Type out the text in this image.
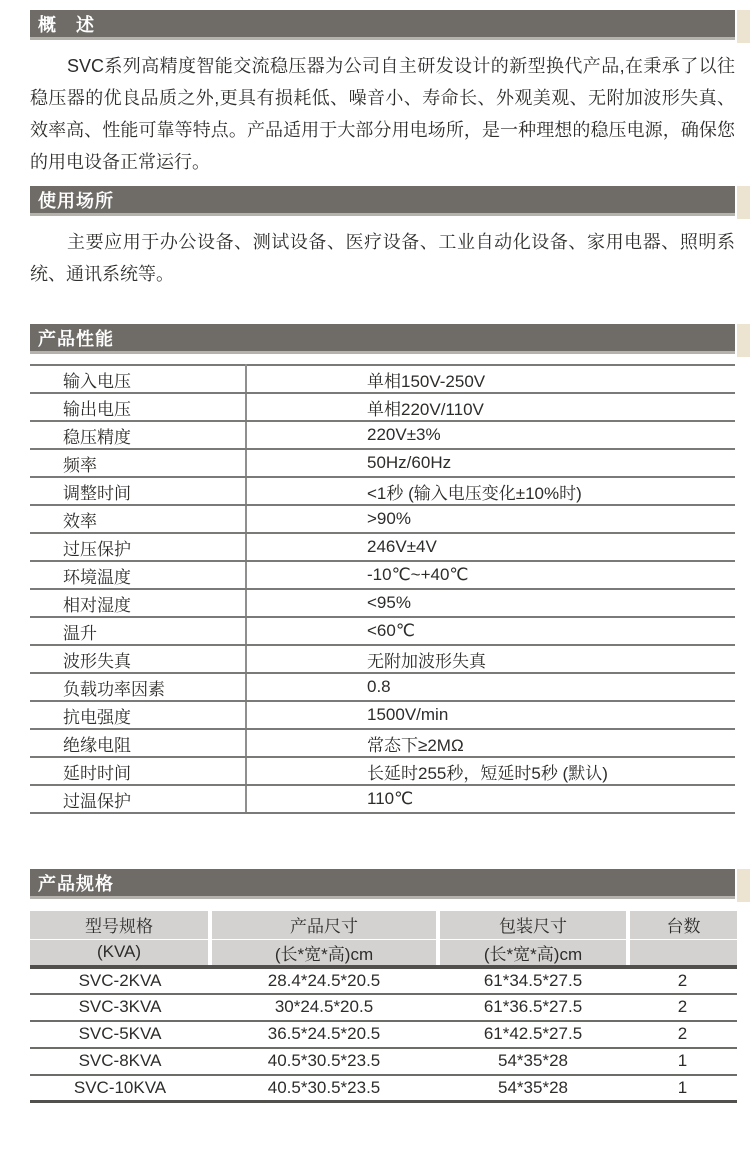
概　述

SVC系列高精度智能交流稳压器为公司自主研发设计的新型换代产品,在秉承了以往稳压器的优良品质之外,更具有损耗低、噪音小、寿命长、外观美观、无附加波形失真、效率高、性能可靠等特点。产品适用于大部分用电场所，是一种理想的稳压电源，确保您的用电设备正常运行。

使用场所

主要应用于办公设备、测试设备、医疗设备、工业自动化设备、家用电器、照明系统、通讯系统等。

产品性能
输入电压	单相150V-250V
输出电压	单相220V/110V
稳压精度	220V±3%
频率	50Hz/60Hz
调整时间	<1秒 (输入电压变化±10%时)
效率	>90%
过压保护	246V±4V
环境温度	-10℃~+40℃
相对湿度	<95%
温升	<60℃
波形失真	无附加波形失真
负载功率因素	0.8
抗电强度	1500V/min
绝缘电阻	常态下≥2MΩ
延时时间	长延时255秒，短延时5秒 (默认)
过温保护	110℃
产品规格
型号规格	产品尺寸	包装尺寸	台数
(KVA)	(长*宽*高)cm	(长*宽*高)cm	
SVC-2KVA	28.4*24.5*20.5	61*34.5*27.5	2
SVC-3KVA	30*24.5*20.5	61*36.5*27.5	2
SVC-5KVA	36.5*24.5*20.5	61*42.5*27.5	2
SVC-8KVA	40.5*30.5*23.5	54*35*28	1
SVC-10KVA	40.5*30.5*23.5	54*35*28	1
